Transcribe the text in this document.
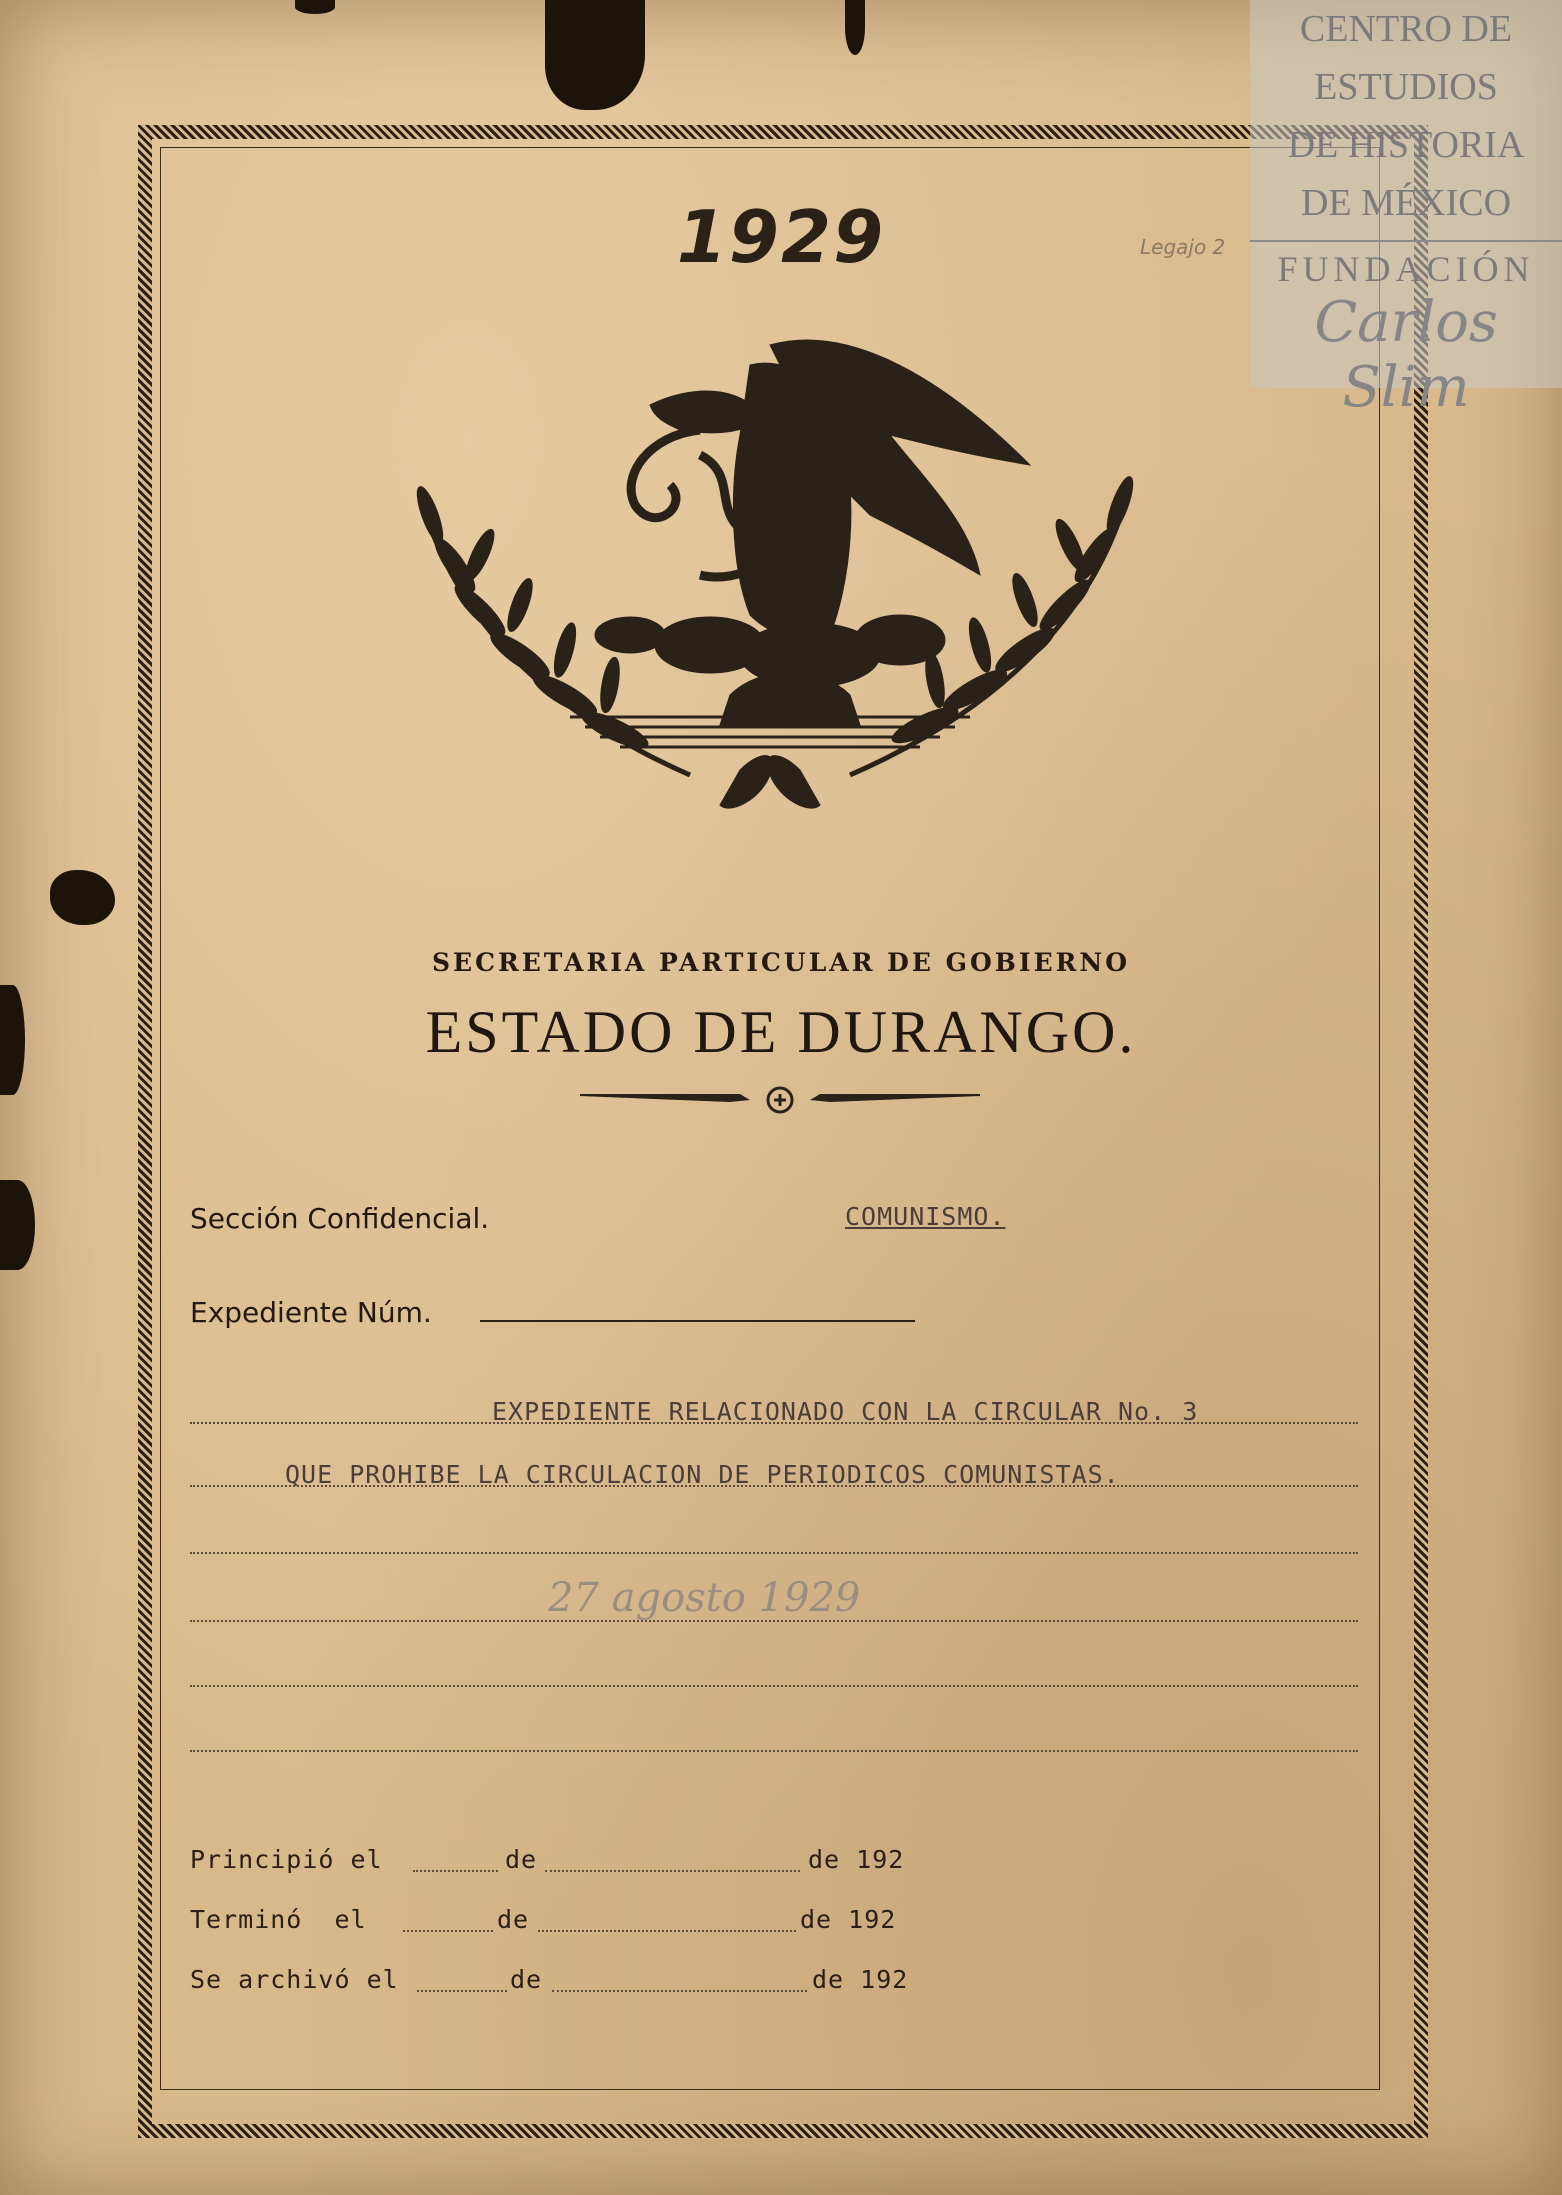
CENTRO DE
ESTUDIOS
DE HISTORIA
DE MÉXICO
FUNDACIÓN
Carlos Slim
Legajo 2
1929
SECRETARIA PARTICULAR DE GOBIERNO
ESTADO DE DURANGO.
Sección Confidencial.	COMUNISMO.
Expediente Núm.
EXPEDIENTE RELACIONADO CON LA CIRCULAR No. 3
QUE PROHIBE LA CIRCULACION DE PERIODICOS COMUNISTAS.
27 agosto 1929
Principió el	de	de 192
Terminó  el	de	de 192
Se archivó el	de	de 192
